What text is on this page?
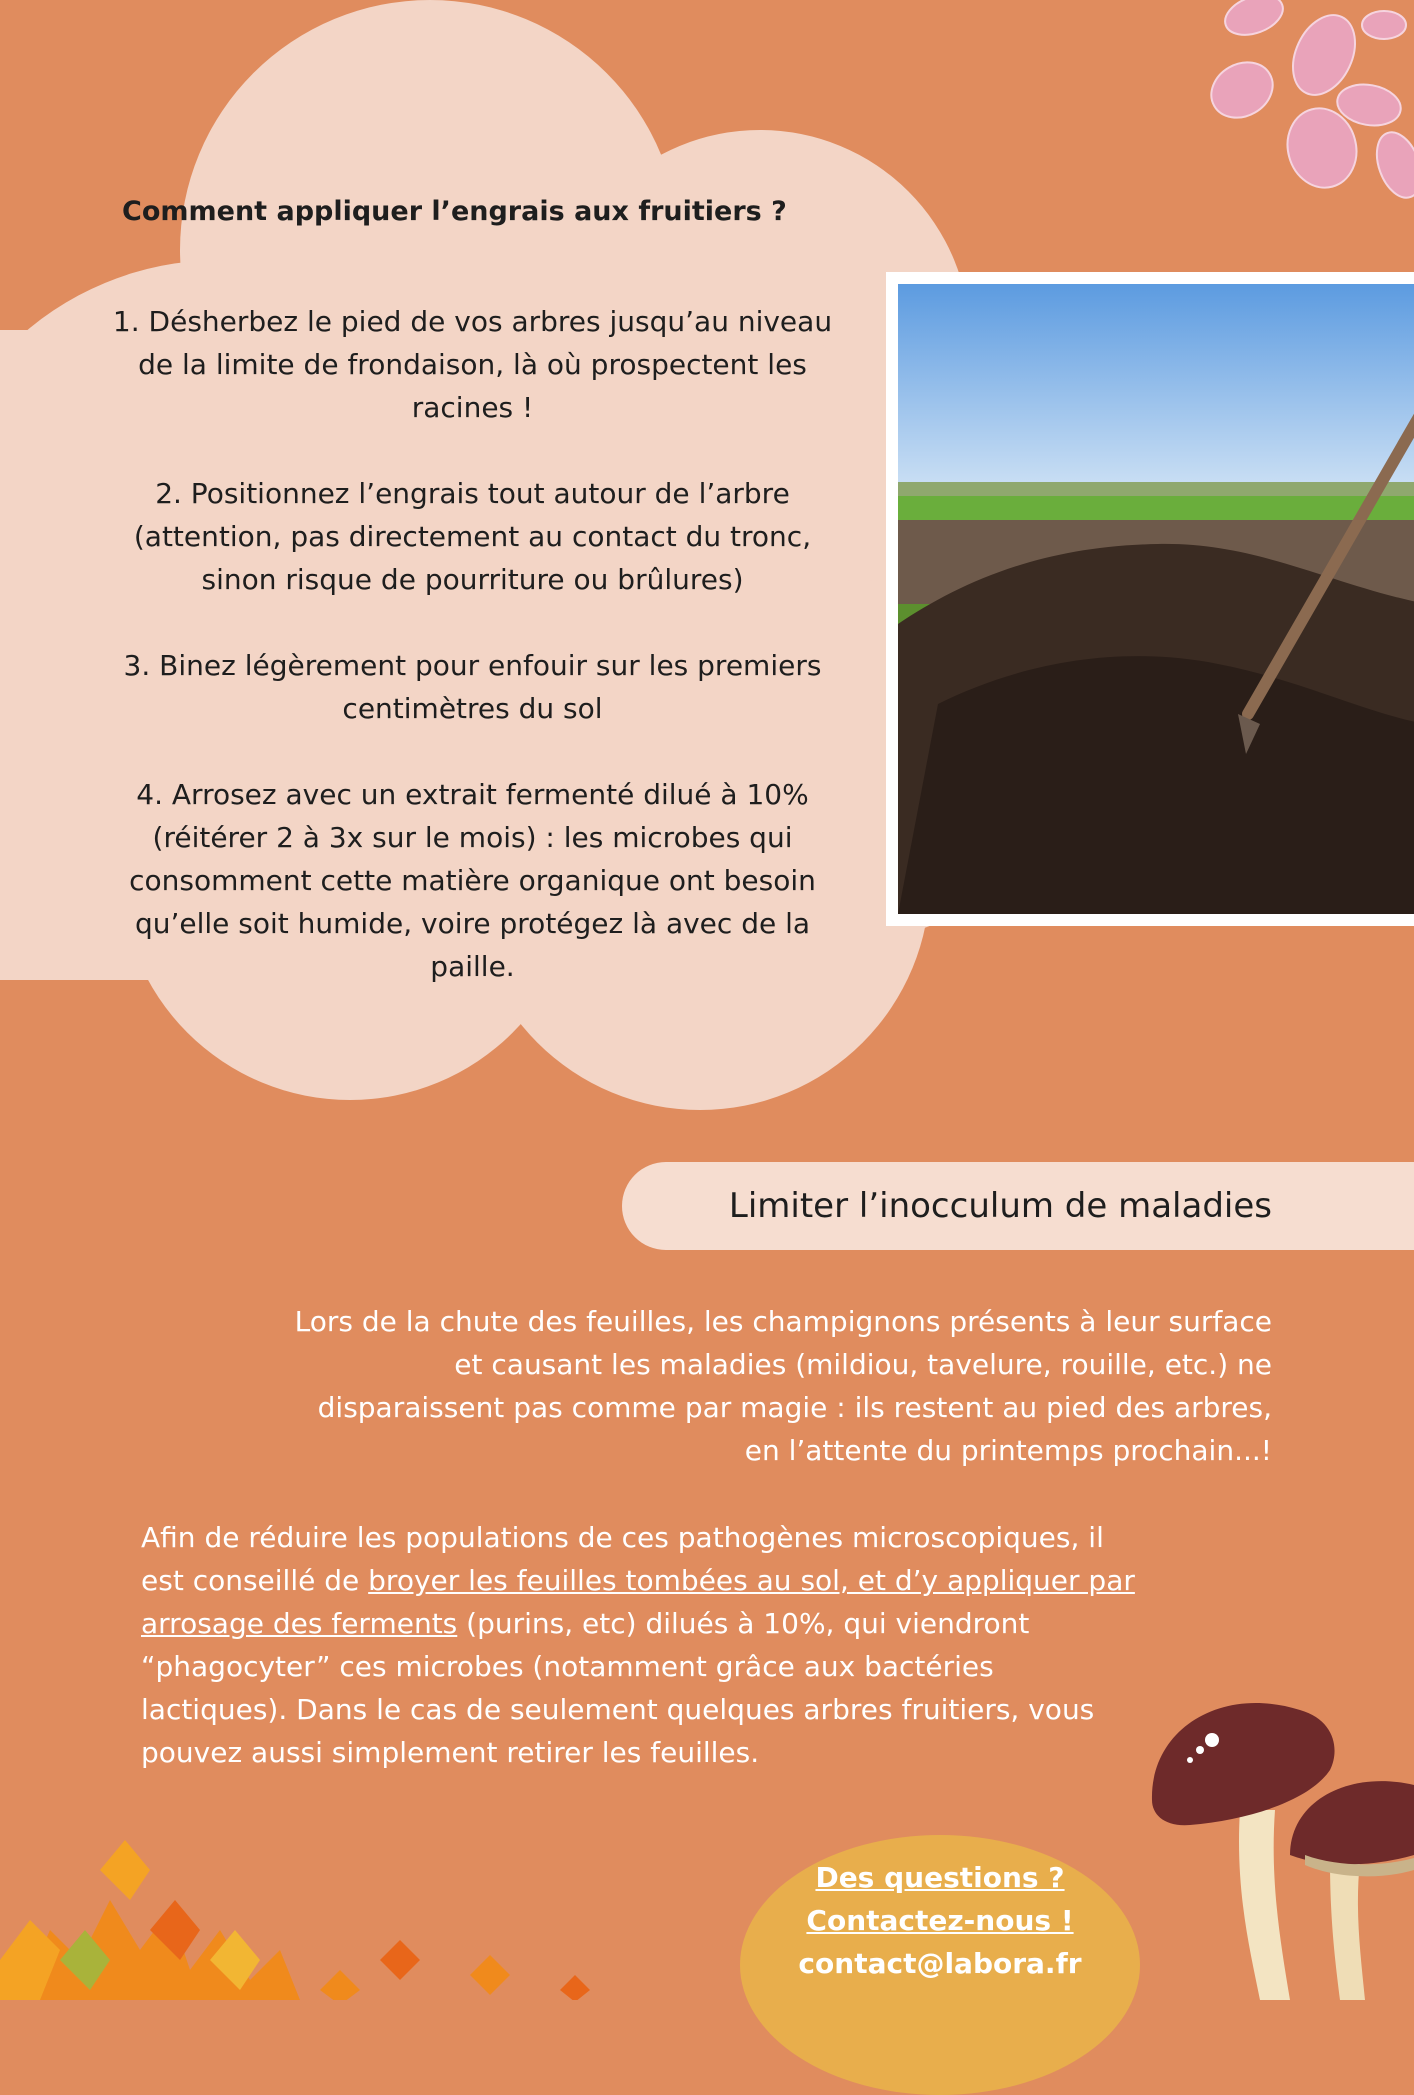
Comment appliquer l’engrais aux fruitiers ?

1. Désherbez le pied de vos arbres jusqu’au niveau de la limite de frondaison, là où prospectent les racines !

2. Positionnez l’engrais tout autour de l’arbre (attention, pas directement au contact du tronc, sinon risque de pourriture ou brûlures)

3. Binez légèrement pour enfouir sur les premiers centimètres du sol

4. Arrosez avec un extrait fermenté dilué à 10% (réitérer 2 à 3x sur le mois) : les microbes qui consomment cette matière organique ont besoin qu’elle soit humide, voire protégez là avec de la paille.

Limiter l’inocculum de maladies
Lors de la chute des feuilles, les champignons présents à leur surface et causant les maladies (mildiou, tavelure, rouille, etc.) ne disparaissent pas comme par magie : ils restent au pied des arbres, en l’attente du printemps prochain...!
Afin de réduire les populations de ces pathogènes microscopiques, il est conseillé de broyer les feuilles tombées au sol, et d’y appliquer par arrosage des ferments (purins, etc) dilués à 10%, qui viendront “phagocyter” ces microbes (notamment grâce aux bactéries lactiques). Dans le cas de seulement quelques arbres fruitiers, vous pouvez aussi simplement retirer les feuilles.
Des questions ?
Contactez-nous !
contact@labora.fr
